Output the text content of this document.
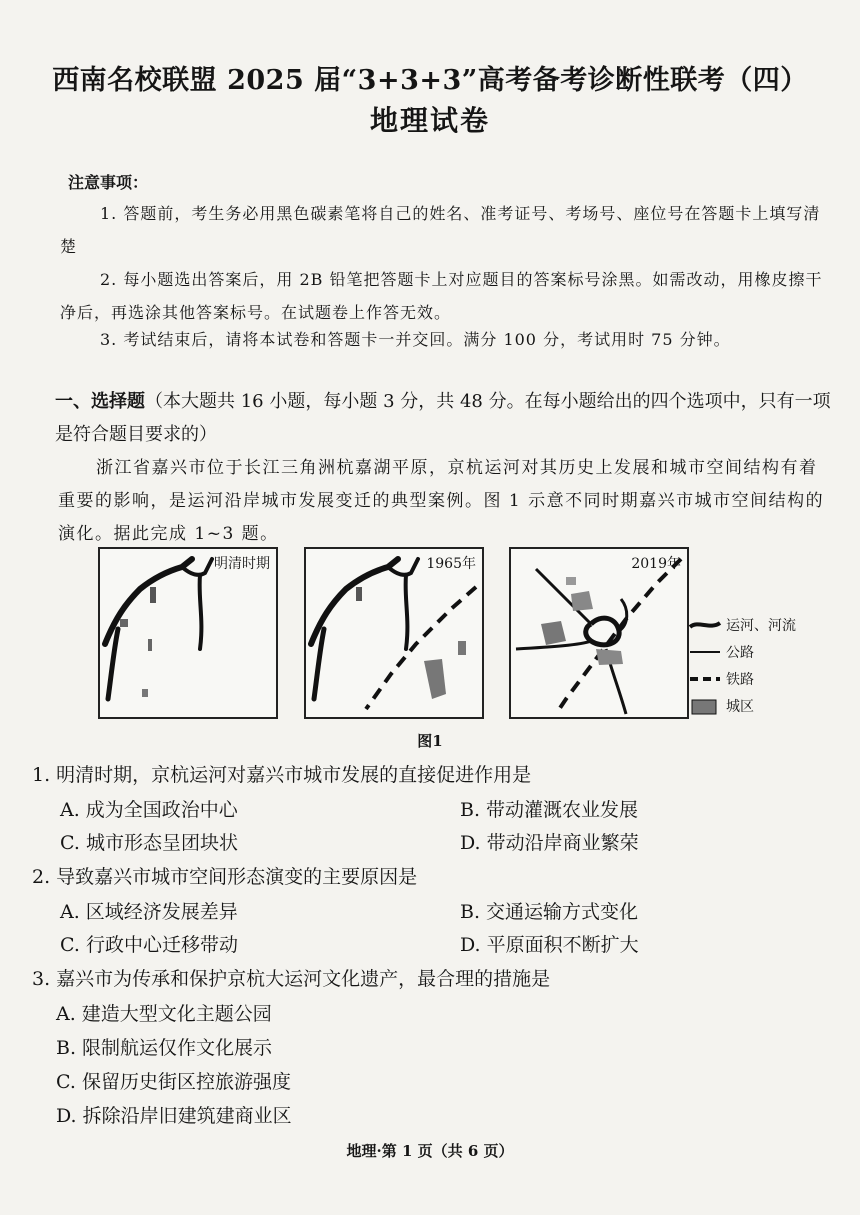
西南名校联盟 2025 届“3+3+3”高考备考诊断性联考（四）
地理试卷
注意事项：
1. 答题前，考生务必用黑色碳素笔将自己的姓名、准考证号、考场号、座位号在答题卡上填写清楚
2. 每小题选出答案后，用 2B 铅笔把答题卡上对应题目的答案标号涂黑。如需改动，用橡皮擦干净后，再选涂其他答案标号。在试题卷上作答无效。
3. 考试结束后，请将本试卷和答题卡一并交回。满分 100 分，考试用时 75 分钟。
一、选择题（本大题共 16 小题，每小题 3 分，共 48 分。在每小题给出的四个选项中，只有一项是符合题目要求的）
浙江省嘉兴市位于长江三角洲杭嘉湖平原，京杭运河对其历史上发展和城市空间结构有着重要的影响，是运河沿岸城市发展变迁的典型案例。图 1 示意不同时期嘉兴市城市空间结构的演化。据此完成 1~3 题。
明清时期	1965年	2019年
运河、河流
公路
铁路
城区
图1
1. 明清时期，京杭运河对嘉兴市城市发展的直接促进作用是
A. 成为全国政治中心	B. 带动灌溉农业发展
C. 城市形态呈团块状	D. 带动沿岸商业繁荣
2. 导致嘉兴市城市空间形态演变的主要原因是
A. 区域经济发展差异	B. 交通运输方式变化
C. 行政中心迁移带动	D. 平原面积不断扩大
3. 嘉兴市为传承和保护京杭大运河文化遗产，最合理的措施是
A. 建造大型文化主题公园
B. 限制航运仅作文化展示
C. 保留历史街区控旅游强度
D. 拆除沿岸旧建筑建商业区
地理·第 1 页（共 6 页）
